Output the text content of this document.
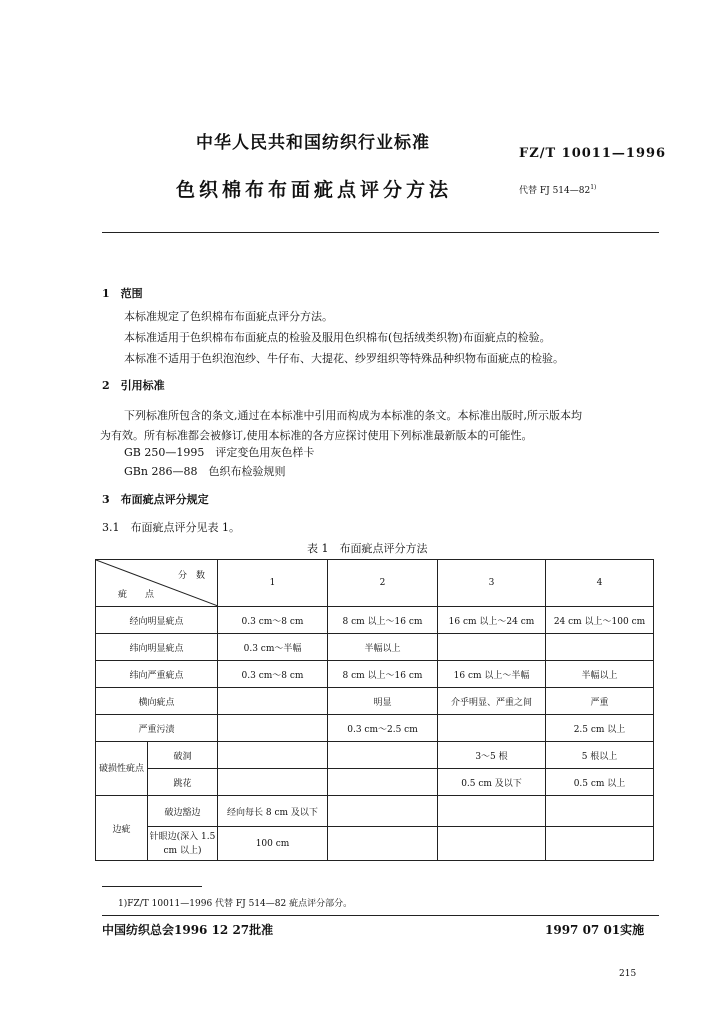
中华人民共和国纺织行业标准
FZ/T 10011—1996
色织棉布布面疵点评分方法	代替 FJ 514—82$^{1)}$
1　 范围
本标准规定了色织棉布布面疵点评分方法。
本标准适用于色织棉布布面疵点的检验及服用色织棉布(包括绒类织物)布面疵点的检验。
本标准不适用于色织泡泡纱、牛仔布、大提花、纱罗组织等特殊品种织物布面疵点的检验。
2　 引用标准
下列标准所包含的条文,通过在本标准中引用而构成为本标准的条文。本标准出版时,所示版本均
为有效。所有标准都会被修订,使用本标准的各方应探讨使用下列标准最新版本的可能性。
GB 250—1995　评定变色用灰色样卡
GBn 286—88　色织布检验规则
3　 布面疵点评分规定
3.1　布面疵点评分见表 1。
表 1　布面疵点评分方法
分　数
疵　　点		1	2	3	4
经向明显疵点		0.3 cm～8 cm	8 cm 以上～16 cm	16 cm 以上～24 cm	24 cm 以上～100 cm
纬向明显疵点		0.3 cm～半幅	半幅以上		
纬向严重疵点		0.3 cm～8 cm	8 cm 以上～16 cm	16 cm 以上～半幅	半幅以上
横向疵点			明显	介乎明显、严重之间	严重
严重污渍			0.3 cm～2.5 cm		2.5 cm 以上
破损性疵点	破洞			3～5 根	5 根以上
	跳花			0.5 cm 及以下	0.5 cm 以上
边疵	破边豁边	经向每长 8 cm 及以下			
	针眼边(深入 1.5 cm 以上)	100 cm			
1)FZ/T 10011—1996 代替 FJ 514—82 疵点评分部分。
中国纺织总会1996 12 27批准	1997 07 01实施
215
